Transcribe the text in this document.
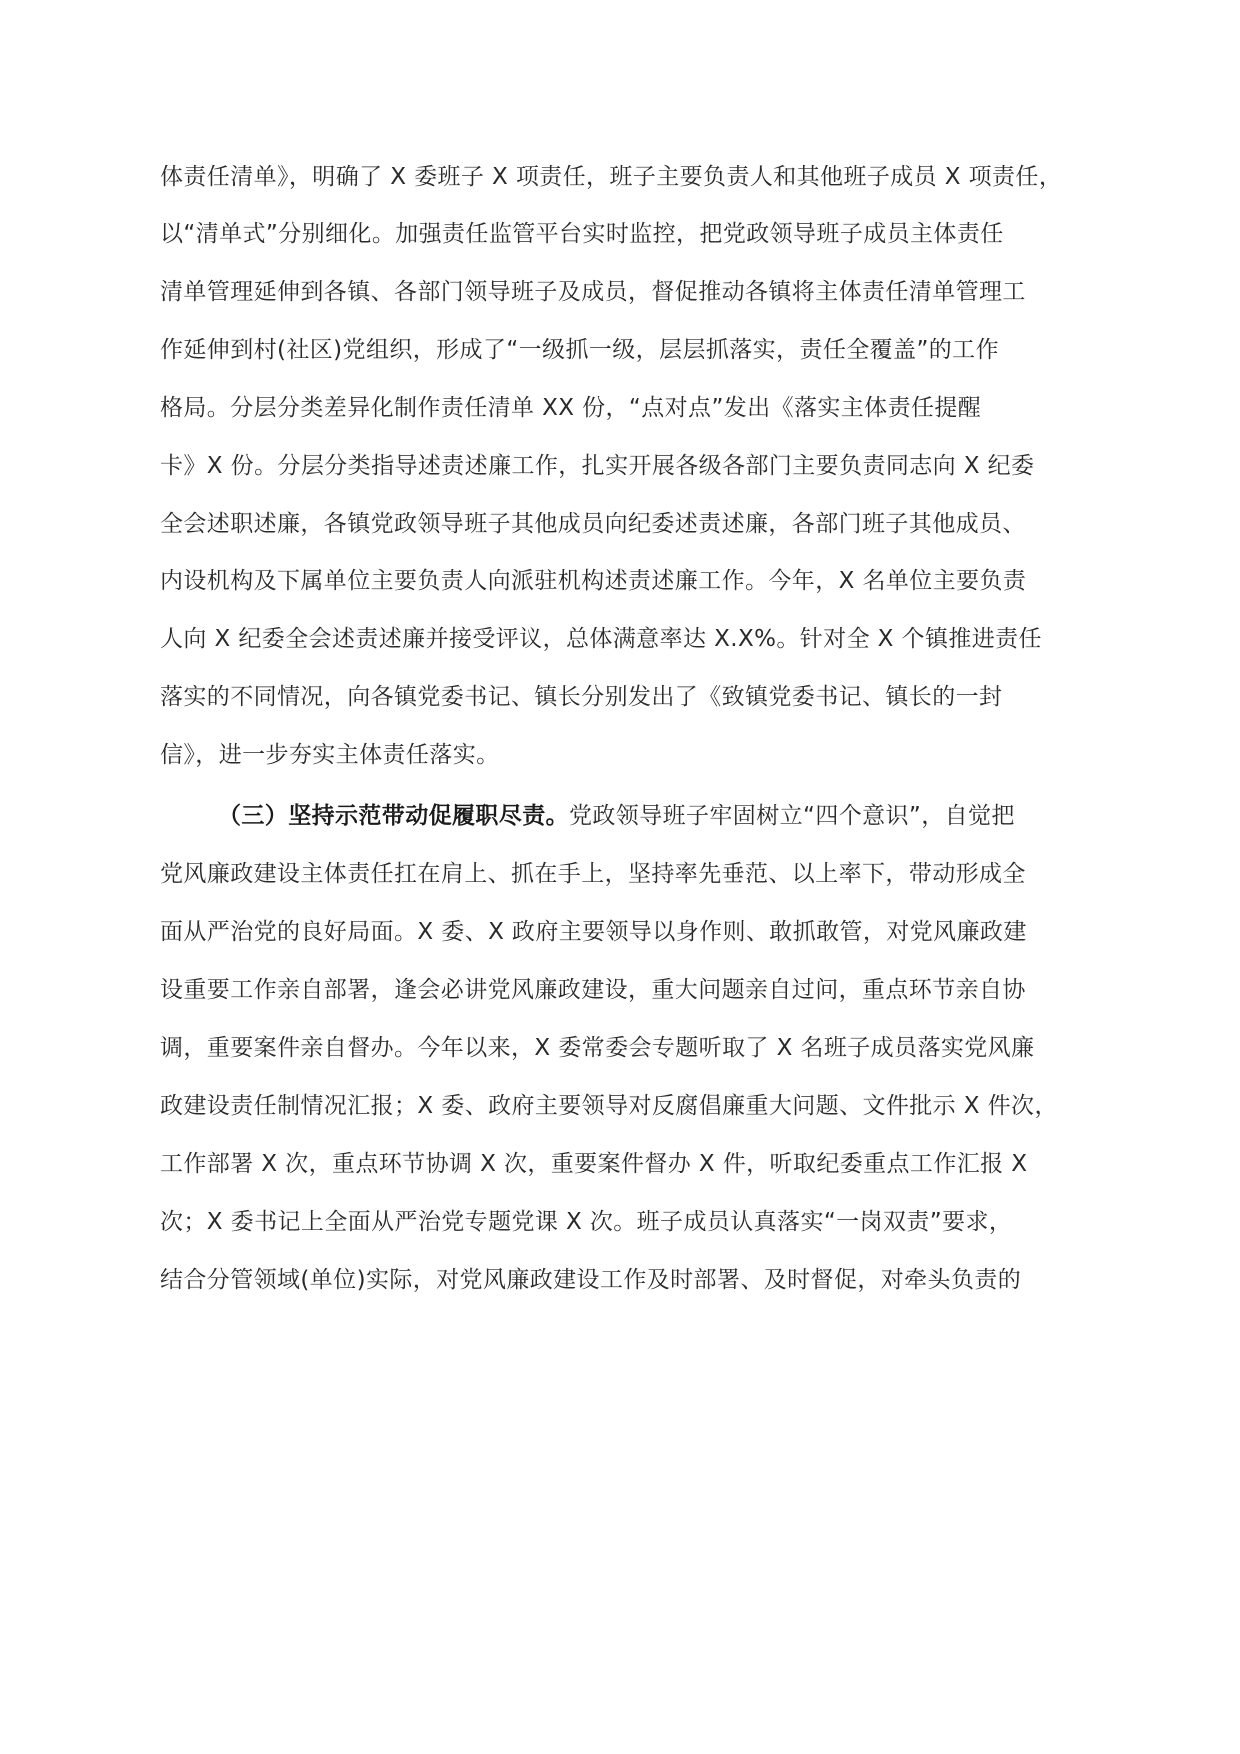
体责任清单》，明确了 X 委班子 X 项责任，班子主要负责人和其他班子成员 X 项责任，
以“清单式”分别细化。加强责任监管平台实时监控，把党政领导班子成员主体责任
清单管理延伸到各镇、各部门领导班子及成员，督促推动各镇将主体责任清单管理工
作延伸到村(社区)党组织，形成了“一级抓一级，层层抓落实，责任全覆盖”的工作
格局。分层分类差异化制作责任清单 XX 份，“点对点”发出《落实主体责任提醒
卡》X 份。分层分类指导述责述廉工作，扎实开展各级各部门主要负责同志向 X 纪委
全会述职述廉，各镇党政领导班子其他成员向纪委述责述廉，各部门班子其他成员、
内设机构及下属单位主要负责人向派驻机构述责述廉工作。今年，X 名单位主要负责
人向 X 纪委全会述责述廉并接受评议，总体满意率达 X.X%。针对全 X 个镇推进责任
落实的不同情况，向各镇党委书记、镇长分别发出了《致镇党委书记、镇长的一封
信》，进一步夯实主体责任落实。
（三）坚持示范带动促履职尽责。党政领导班子牢固树立“四个意识”，自觉把
党风廉政建设主体责任扛在肩上、抓在手上，坚持率先垂范、以上率下，带动形成全
面从严治党的良好局面。X 委、X 政府主要领导以身作则、敢抓敢管，对党风廉政建
设重要工作亲自部署，逢会必讲党风廉政建设，重大问题亲自过问，重点环节亲自协
调，重要案件亲自督办。今年以来，X 委常委会专题听取了 X 名班子成员落实党风廉
政建设责任制情况汇报；X 委、政府主要领导对反腐倡廉重大问题、文件批示 X 件次，
工作部署 X 次，重点环节协调 X 次，重要案件督办 X 件，听取纪委重点工作汇报 X
次；X 委书记上全面从严治党专题党课 X 次。班子成员认真落实“一岗双责”要求，
结合分管领域(单位)实际，对党风廉政建设工作及时部署、及时督促，对牵头负责的
